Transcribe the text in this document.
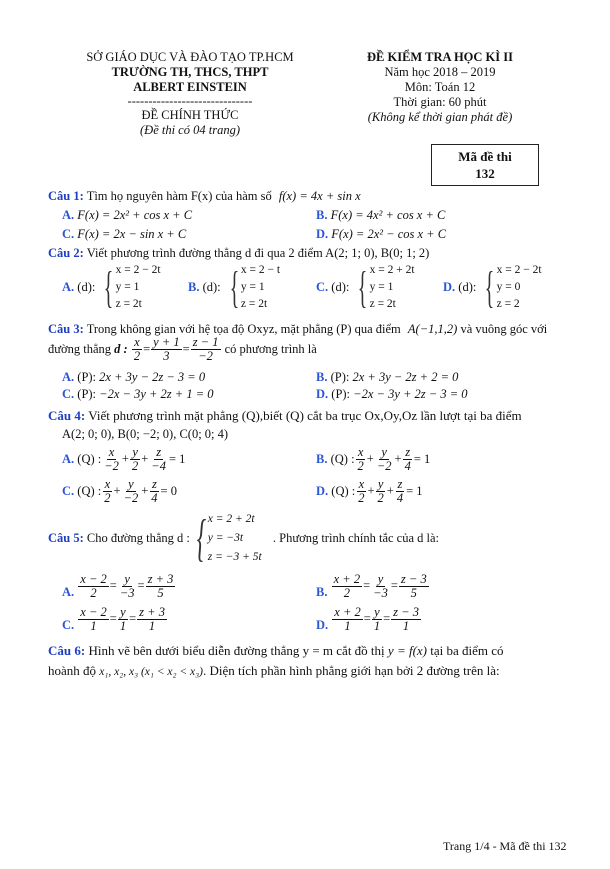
SỞ GIÁO DỤC VÀ ĐÀO TẠO TP.HCM
TRƯỜNG TH, THCS, THPT
ALBERT EINSTEIN
------------------------------
ĐỀ CHÍNH THỨC
(Đề thi có 04 trang)
ĐỀ KIỂM TRA HỌC KÌ II
Năm học 2018 – 2019
Môn: Toán 12
Thời gian: 60 phút
(Không kể thời gian phát đề)
Mã đề thi
132
Câu 1: Tìm họ nguyên hàm F(x) của hàm số f(x) = 4x + sin x
A. F(x) = 2x² + cos x + C	B. F(x) = 4x² + cos x + C
C. F(x) = 2x − sin x + C	D. F(x) = 2x² − cos x + C
Câu 2: Viết phương trình đường thẳng d đi qua 2 điểm A(2; 1; 0), B(0; 1; 2)
A. (d): { x = 2 − 2t
y = 1
z = 2t
B. (d): { x = 2 − t
y = 1
z = 2t
C. (d): { x = 2 + 2t
y = 1
z = 2t
D. (d): { x = 2 − 2t
y = 0
z = 2
Câu 3: Trong không gian với hệ tọa độ Oxyz, mặt phẳng (P) qua điểm A(−1,1,2) và vuông góc với
đường thẳng d : $\frac{x}{2} = \frac{y + 1}{3} = \frac{z - 1}{-2}$ có phương trình là
A. (P): 2x + 3y − 2z − 3 = 0	B. (P): 2x + 3y − 2z + 2 = 0
C. (P): −2x − 3y + 2z + 1 = 0	D. (P): −2x − 3y + 2z − 3 = 0
Câu 4: Viết phương trình mặt phẳng (Q),biết (Q) cắt ba trục Ox,Oy,Oz lần lượt tại ba điểm
A(2; 0; 0), B(0; −2; 0), C(0; 0; 4)
A. (Q) : $\frac{x}{-2} + \frac{y}{2} + \frac{z}{-4} = 1$	B. (Q) : $\frac{x}{2} + \frac{y}{-2} + \frac{z}{4} = 1$
C. (Q) : $\frac{x}{2} + \frac{y}{-2} + \frac{z}{4} = 0$	D. (Q) : $\frac{x}{2} + \frac{y}{2} + \frac{z}{4} = 1$
Câu 5: Cho đường thẳng d : { x = 2 + 2t
y = −3t
z = −3 + 5t
. Phương trình chính tắc của d là:
A. $\frac{x - 2}{2} = \frac{y}{-3} = \frac{z + 3}{5}$	B. $\frac{x + 2}{2} = \frac{y}{-3} = \frac{z - 3}{5}$
C. $\frac{x - 2}{1} = \frac{y}{1} = \frac{z + 3}{1}$	D. $\frac{x + 2}{1} = \frac{y}{1} = \frac{z - 3}{1}$
Câu 6: Hình vẽ bên dưới biểu diễn đường thẳng y = m cắt đồ thị y = f(x) tại ba điểm có
hoành độ x₁, x₂, x₃ (x₁ < x₂ < x₃). Diện tích phần hình phẳng giới hạn bởi 2 đường trên là:
Trang 1/4 - Mã đề thi 132
